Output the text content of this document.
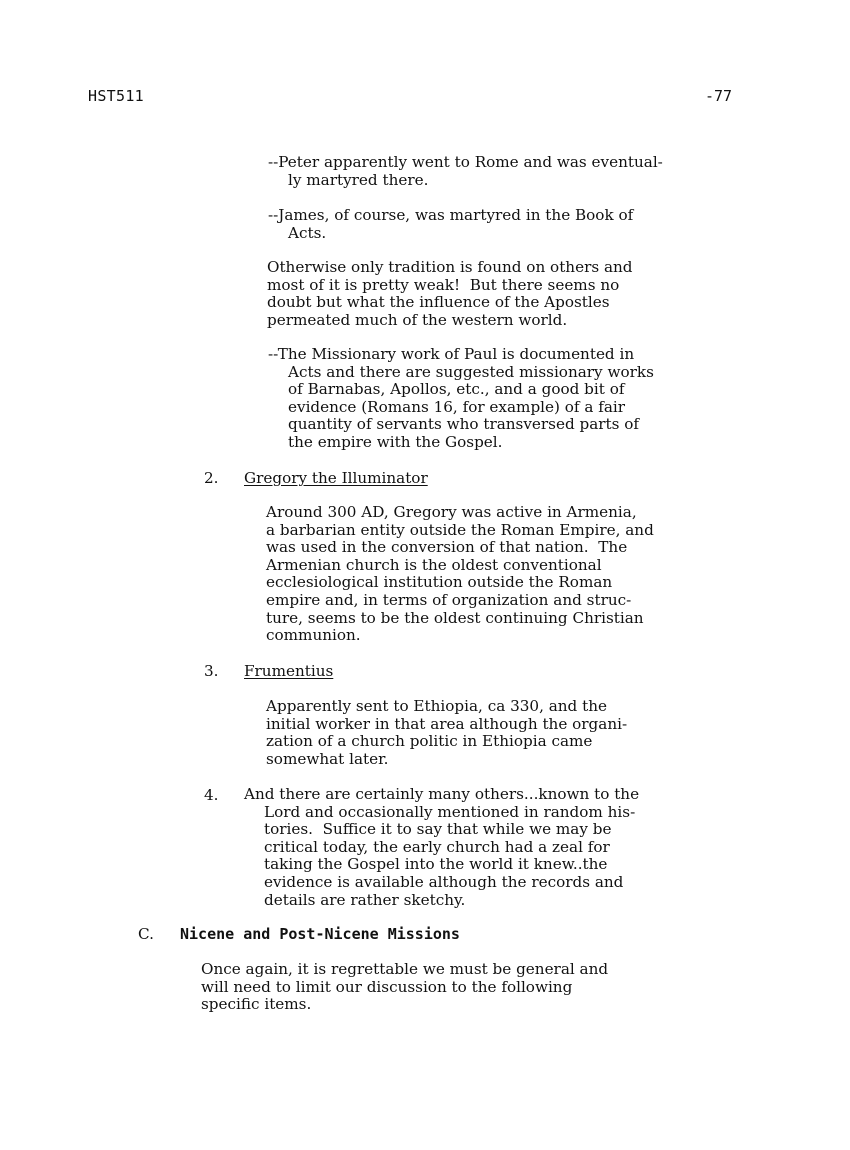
HST511	-77
--Peter apparently went to Rome and was eventual-
ly martyred there.
--James, of course, was martyred in the Book of
Acts.
Otherwise only tradition is found on others and
most of it is pretty weak!  But there seems no
doubt but what the influence of the Apostles
permeated much of the western world.
--The Missionary work of Paul is documented in
Acts and there are suggested missionary works
of Barnabas, Apollos, etc., and a good bit of
evidence (Romans 16, for example) of a fair
quantity of servants who transversed parts of
the empire with the Gospel.
2. Gregory the Illuminator
Around 300 AD, Gregory was active in Armenia,
a barbarian entity outside the Roman Empire, and
was used in the conversion of that nation.  The
Armenian church is the oldest conventional
ecclesiological institution outside the Roman
empire and, in terms of organization and struc-
ture, seems to be the oldest continuing Christian
communion.
3. Frumentius
Apparently sent to Ethiopia, ca 330, and the
initial worker in that area although the organi-
zation of a church politic in Ethiopia came
somewhat later.
4. And there are certainly many others...known to the
Lord and occasionally mentioned in random his-
tories.  Suffice it to say that while we may be
critical today, the early church had a zeal for
taking the Gospel into the world it knew..the
evidence is available although the records and
details are rather sketchy.
C. Nicene and Post-Nicene Missions
Once again, it is regrettable we must be general and
will need to limit our discussion to the following
specific items.
